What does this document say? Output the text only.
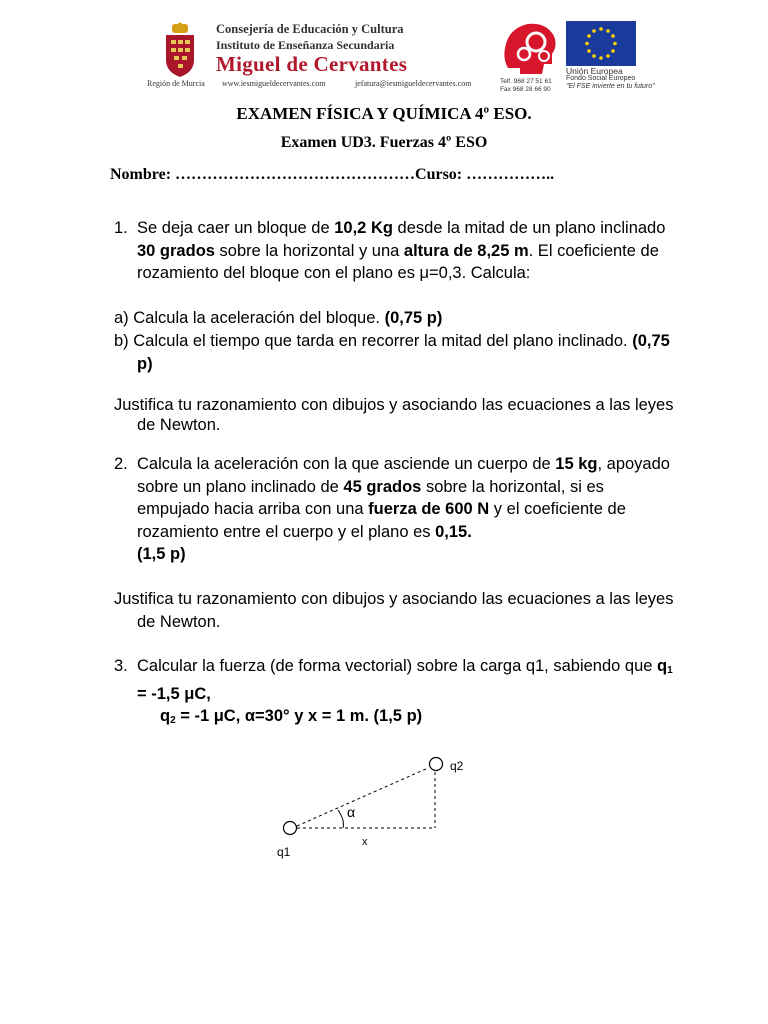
Consejería de Educación y Cultura
Instituto de Enseñanza Secundaria
Miguel de Cervantes
Región de Murcia www.iesmigueldecervantes.com	jefatura@iesmigueldecervantes.com	Telf. 968 27 51 61
Fax 968 28 66 90
Unión Europea
Fondo Social Europeo
"El FSE invierte en tu futuro"
EXAMEN FÍSICA Y QUÍMICA 4º ESO.
Examen UD3. Fuerzas 4º ESO
Nombre: ………………………………………Curso: ……………..
1. Se deja caer un bloque de 10,2 Kg desde la mitad de un plano inclinado 30 grados sobre la horizontal y una altura de 8,25 m. El coeficiente de rozamiento del bloque con el plano es μ=0,3. Calcula:
a) Calcula la aceleración del bloque. (0,75 p)
b) Calcula el tiempo que tarda en recorrer la mitad del plano inclinado. (0,75 p)
Justifica tu razonamiento con dibujos y asociando las ecuaciones a las leyes de Newton.
2. Calcula la aceleración con la que asciende un cuerpo de 15 kg, apoyado sobre un plano inclinado de 45 grados sobre la horizontal, si es empujado hacia arriba con una fuerza de 600 N y el coeficiente de rozamiento entre el cuerpo y el plano es 0,15.
(1,5 p)
Justifica tu razonamiento con dibujos y asociando las ecuaciones a las leyes de Newton.
3. Calcular la fuerza (de forma vectorial) sobre la carga q1, sabiendo que $q_1 = -1,5$ μC,
$q_2 = -1$ μC, α=30° y x = 1 m. (1,5 p)
q1
q2
α
x
